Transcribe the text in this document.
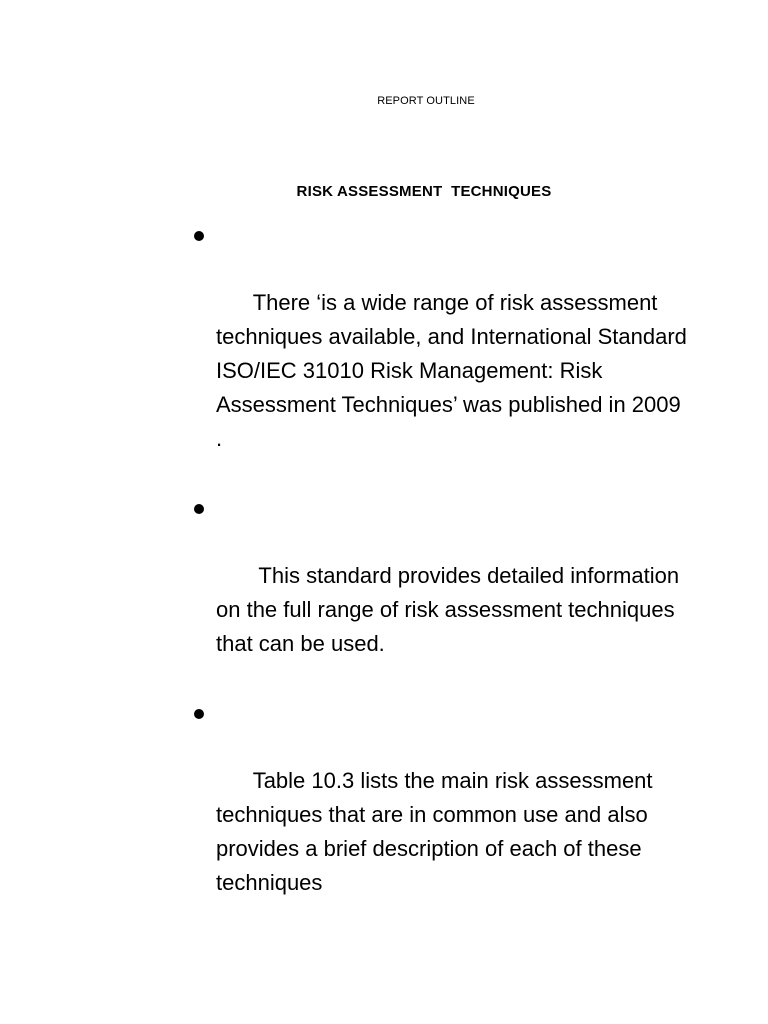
REPORT OUTLINE
RISK ASSESSMENT  TECHNIQUES

There ‘is a wide range of risk assessment techniques available, and International Standard ISO/IEC 31010 Risk Management: Risk Assessment Techniques’ was published in 2009 .

This standard provides detailed information on the full range of risk assessment techniques that can be used.

Table 10.3 lists the main risk assessment techniques that are in common use and also provides a brief description of each of these techniques
